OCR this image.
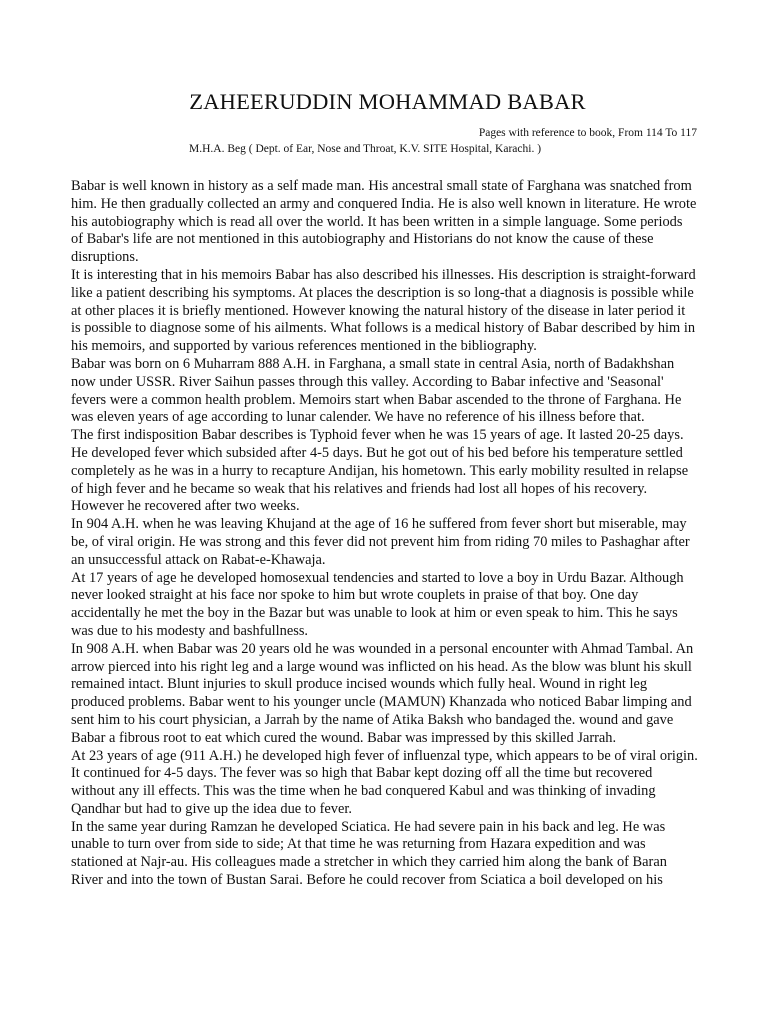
ZAHEERUDDIN MOHAMMAD BABAR

Pages with reference to book, From 114 To 117

M.H.A. Beg ( Dept. of Ear, Nose and Throat, K.V. SITE Hospital, Karachi. )

Babar is well known in history as a self made man. His ancestral small state of Farghana was snatched from him. He then gradually collected an army and conquered India. He is also well known in literature. He wrote his autobiography which is read all over the world. It has been written in a simple language. Some periods of Babar's life are not mentioned in this autobiography and Historians do not know the cause of these disruptions.

It is interesting that in his memoirs Babar has also described his illnesses. His description is straight-forward like a patient describing his symptoms. At places the description is so long-that a diagnosis is possible while at other places it is briefly mentioned. However knowing the natural history of the disease in later period it is possible to diagnose some of his ailments. What follows is a medical history of Babar described by him in his memoirs, and supported by various references mentioned in the bibliography.

Babar was born on 6 Muharram 888 A.H. in Farghana, a small state in central Asia, north of Badakhshan now under USSR. River Saihun passes through this valley. According to Babar infective and 'Seasonal' fevers were a common health problem. Memoirs start when Babar ascended to the throne of Farghana. He was eleven years of age according to lunar calender. We have no reference of his illness before that.

The first indisposition Babar describes is Typhoid fever when he was 15 years of age. It lasted 20-25 days. He developed fever which subsided after 4-5 days. But he got out of his bed before his temperature settled completely as he was in a hurry to recapture Andijan, his hometown. This early mobility resulted in relapse of high fever and he became so weak that his relatives and friends had lost all hopes of his recovery. However he recovered after two weeks.

In 904 A.H. when he was leaving Khujand at the age of 16 he suffered from fever short but miserable, may be, of viral origin. He was strong and this fever did not prevent him from riding 70 miles to Pashaghar after an unsuccessful attack on Rabat-e-Khawaja.

At 17 years of age he developed homosexual tendencies and started to love a boy in Urdu Bazar. Although never looked straight at his face nor spoke to him but wrote couplets in praise of that boy. One day accidentally he met the boy in the Bazar but was unable to look at him or even speak to him. This he says was due to his modesty and bashfullness.

In 908 A.H. when Babar was 20 years old he was wounded in a personal encounter with Ahmad Tambal. An arrow pierced into his right leg and a large wound was inflicted on his head. As the blow was blunt his skull remained intact. Blunt injuries to skull produce incised wounds which fully heal. Wound in right leg produced problems. Babar went to his younger uncle (MAMUN) Khanzada who noticed Babar limping and sent him to his court physician, a Jarrah by the name of Atika Baksh who bandaged the. wound and gave Babar a fibrous root to eat which cured the wound. Babar was impressed by this skilled Jarrah.

At 23 years of age (911 A.H.) he developed high fever of influenzal type, which appears to be of viral origin. It continued for 4-5 days. The fever was so high that Babar kept dozing off all the time but recovered without any ill effects. This was the time when he bad conquered Kabul and was thinking of invading Qandhar but had to give up the idea due to fever.

In the same year during Ramzan he developed Sciatica. He had severe pain in his back and leg. He was unable to turn over from side to side; At that time he was returning from Hazara expedition and was stationed at Najr-au. His colleagues made a stretcher in which they carried him along the bank of Baran River and into the town of Bustan Sarai. Before he could recover from Sciatica a boil developed on his
